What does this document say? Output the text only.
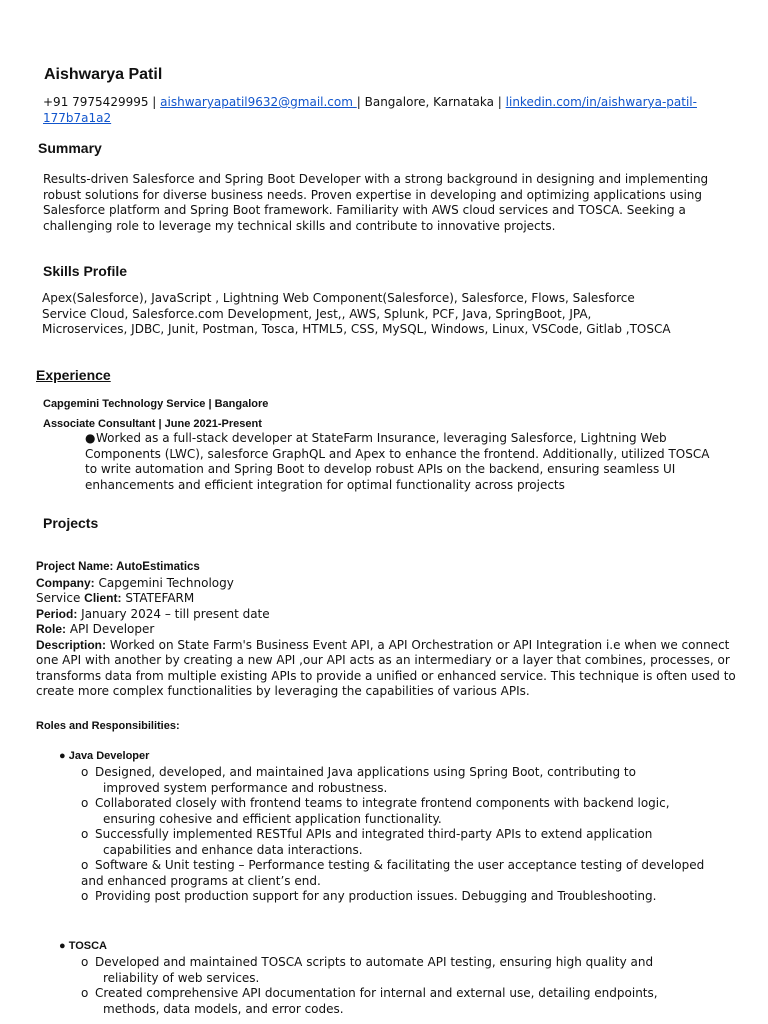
Aishwarya Patil
+91 7975429995 | aishwaryapatil9632@gmail.com | Bangalore, Karnataka | linkedin.com/in/aishwarya-patil-177b7a1a2
Summary
Results-driven Salesforce and Spring Boot Developer with a strong background in designing and implementing
robust solutions for diverse business needs. Proven expertise in developing and optimizing applications using
Salesforce platform and Spring Boot framework. Familiarity with AWS cloud services and TOSCA. Seeking a
challenging role to leverage my technical skills and contribute to innovative projects.
Skills Profile
Apex(Salesforce), JavaScript , Lightning Web Component(Salesforce), Salesforce, Flows, Salesforce
Service Cloud, Salesforce.com Development, Jest,, AWS, Splunk, PCF, Java, SpringBoot, JPA,
Microservices, JDBC, Junit, Postman, Tosca, HTML5, CSS, MySQL, Windows, Linux, VSCode, Gitlab ,TOSCA
Experience
Capgemini Technology Service | Bangalore
Associate Consultant | June 2021-Present
● Worked as a full-stack developer at StateFarm Insurance, leveraging Salesforce, Lightning Web
Components (LWC), salesforce GraphQL and Apex to enhance the frontend. Additionally, utilized TOSCA
to write automation and Spring Boot to develop robust APIs on the backend, ensuring seamless UI
enhancements and efficient integration for optimal functionality across projects
Projects
Project Name: AutoEstimatics
Company: Capgemini Technology
Service Client: STATEFARM
Period: January 2024 – till present date
Role: API Developer
Description: Worked on State Farm's Business Event API, a API Orchestration or API Integration i.e when we connect
one API with another by creating a new API ,our API acts as an intermediary or a layer that combines, processes, or
transforms data from multiple existing APIs to provide a unified or enhanced service. This technique is often used to
create more complex functionalities by leveraging the capabilities of various APIs.
Roles and Responsibilities:
● Java Developer
o Designed, developed, and maintained Java applications using Spring Boot, contributing to
improved system performance and robustness.
o Collaborated closely with frontend teams to integrate frontend components with backend logic,
ensuring cohesive and efficient application functionality.
o Successfully implemented RESTful APIs and integrated third-party APIs to extend application
capabilities and enhance data interactions.
o Software & Unit testing – Performance testing & facilitating the user acceptance testing of developed
and enhanced programs at client’s end.
o Providing post production support for any production issues. Debugging and Troubleshooting.
● TOSCA
o Developed and maintained TOSCA scripts to automate API testing, ensuring high quality and
reliability of web services.
o Created comprehensive API documentation for internal and external use, detailing endpoints,
methods, data models, and error codes.
